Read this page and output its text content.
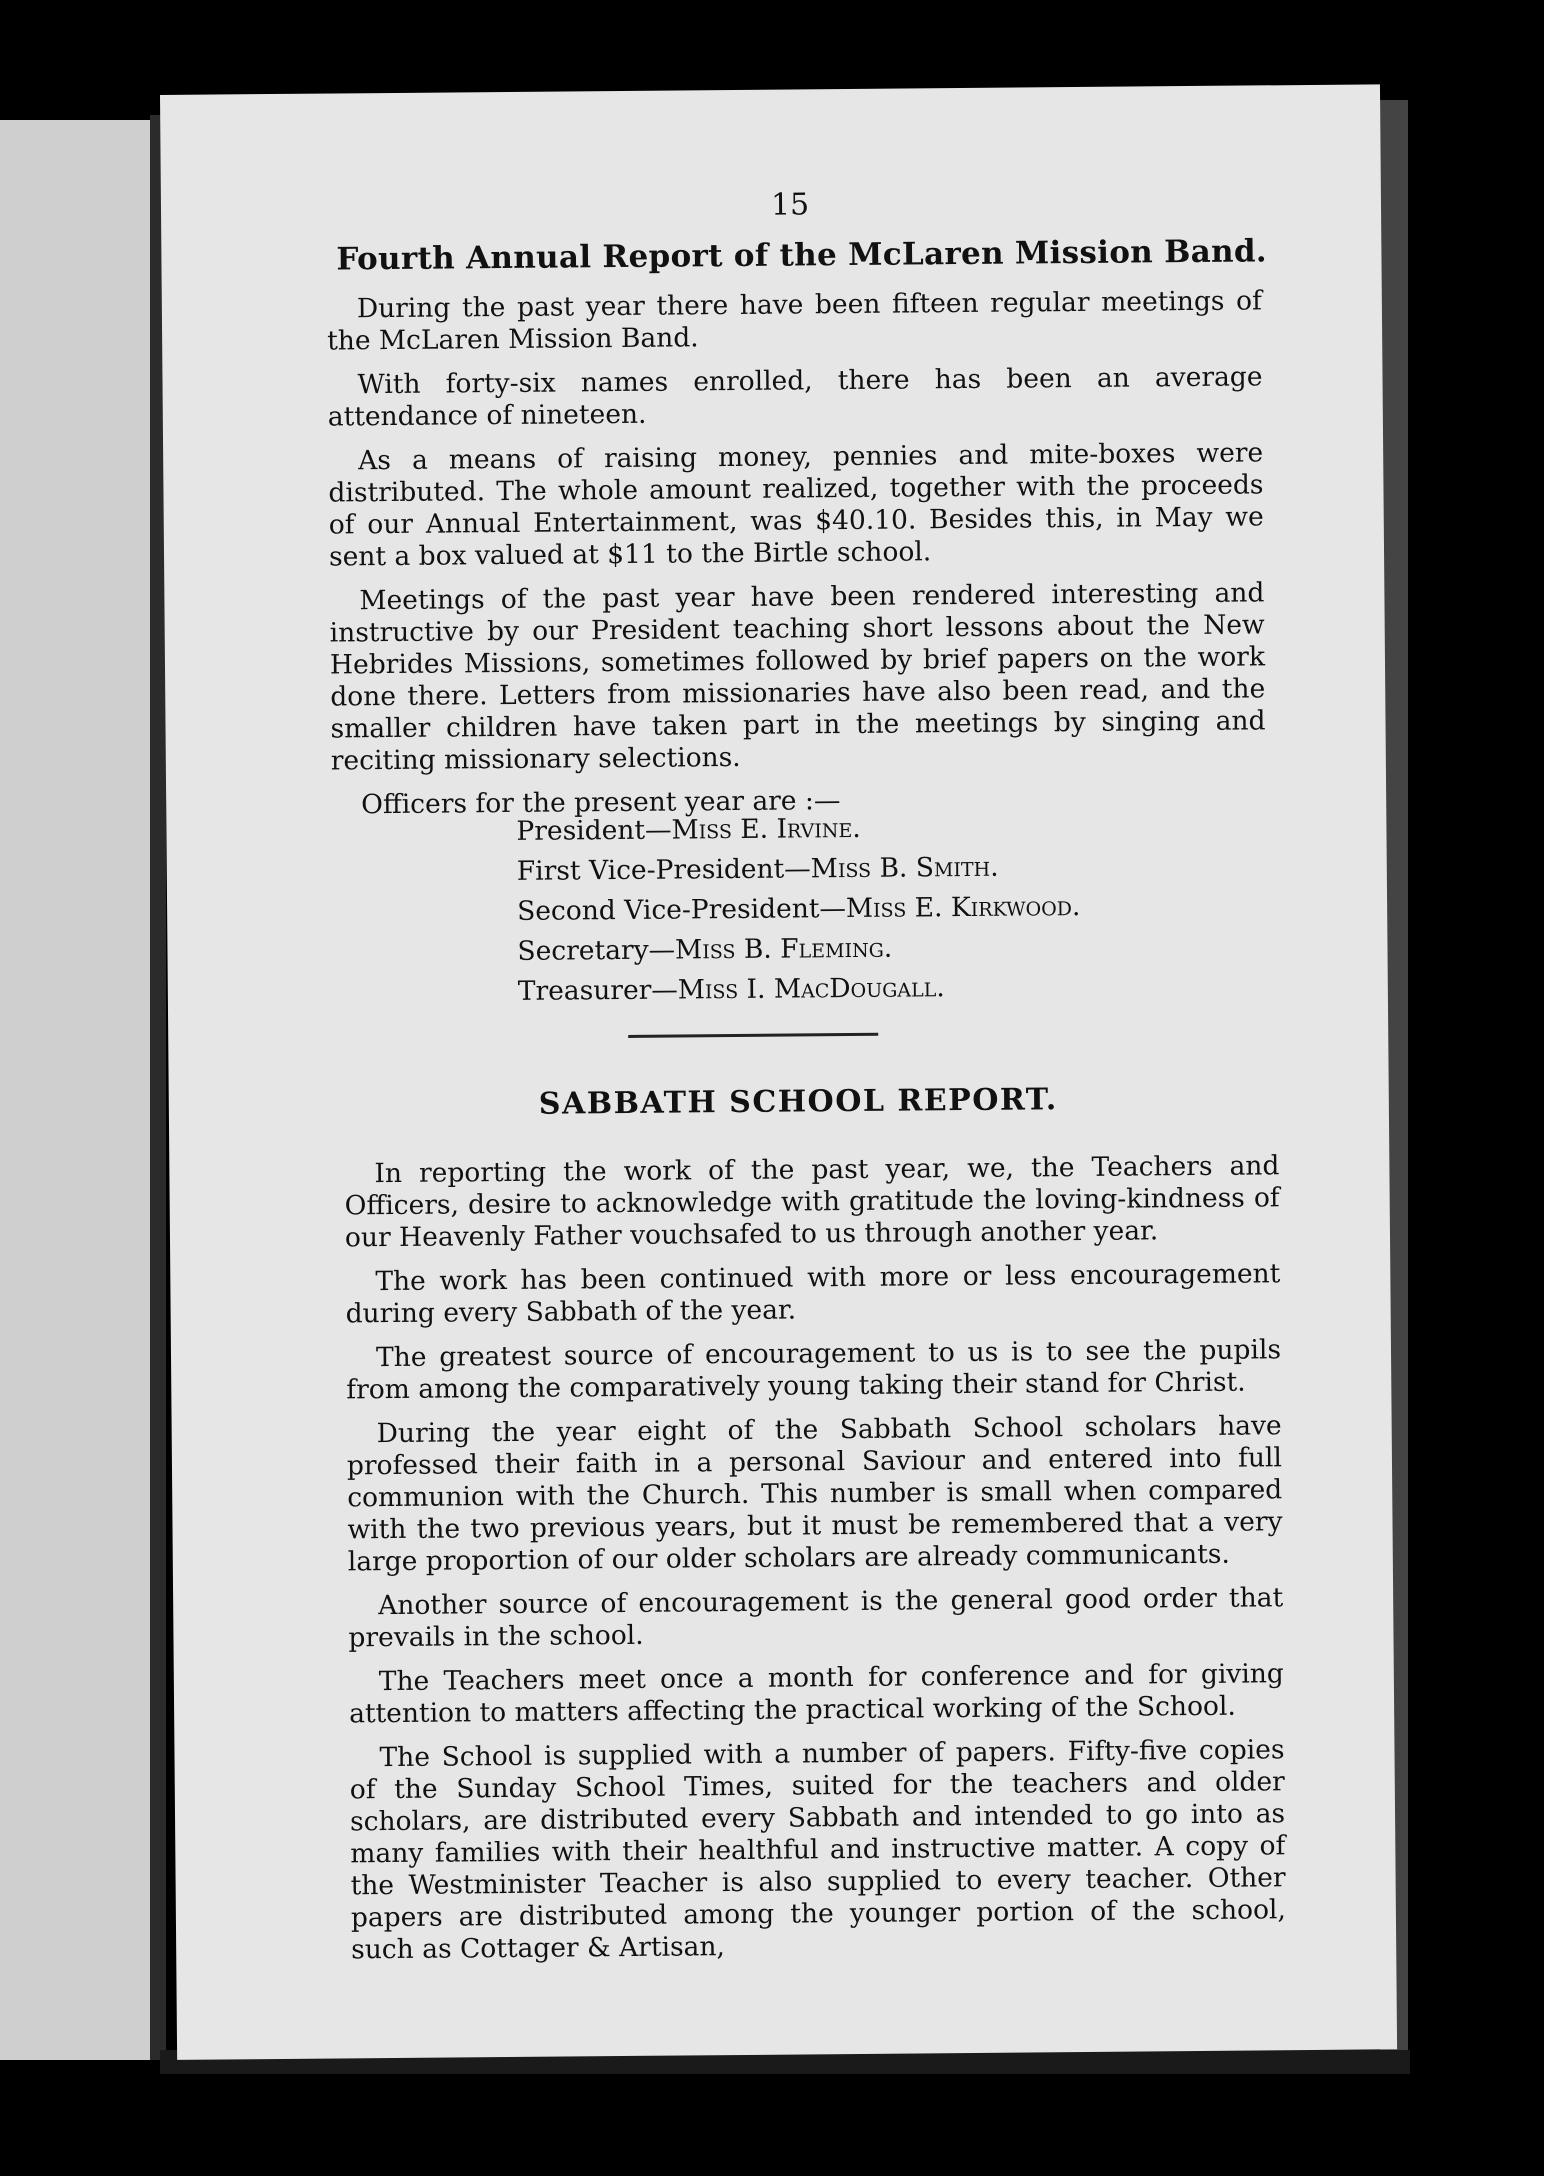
15
Fourth Annual Report of the McLaren Mission Band.

During the past year there have been fifteen regular meetings of the McLaren Mission Band.

With forty-six names enrolled, there has been an average attendance of nineteen.

As a means of raising money, pennies and mite-boxes were distributed. The whole amount realized, together with the proceeds of our Annual Entertainment, was $40.10. Besides this, in May we sent a box valued at $11 to the Birtle school.

Meetings of the past year have been rendered interesting and instructive by our President teaching short lessons about the New Hebrides Missions, sometimes followed by brief papers on the work done there. Letters from missionaries have also been read, and the smaller children have taken part in the meetings by singing and reciting missionary selections.

Officers for the present year are :—

President—Miss E. Irvine.
First Vice-President—Miss B. Smith.
Second Vice-President—Miss E. Kirkwood.
Secretary—Miss B. Fleming.
Treasurer—Miss I. MacDougall.
SABBATH SCHOOL REPORT.

In reporting the work of the past year, we, the Teachers and Officers, desire to acknowledge with gratitude the loving-kindness of our Heavenly Father vouchsafed to us through another year.

The work has been continued with more or less encouragement during every Sabbath of the year.

The greatest source of encouragement to us is to see the pupils from among the comparatively young taking their stand for Christ.

During the year eight of the Sabbath School scholars have professed their faith in a personal Saviour and entered into full communion with the Church. This number is small when compared with the two previous years, but it must be remembered that a very large proportion of our older scholars are already communicants.

Another source of encouragement is the general good order that prevails in the school.

The Teachers meet once a month for conference and for giving attention to matters affecting the practical working of the School.

The School is supplied with a number of papers. Fifty-five copies of the Sunday School Times, suited for the teachers and older scholars, are distributed every Sabbath and intended to go into as many families with their healthful and instructive matter. A copy of the Westminister Teacher is also supplied to every teacher. Other papers are distributed among the younger portion of the school, such as Cottager & Artisan,
